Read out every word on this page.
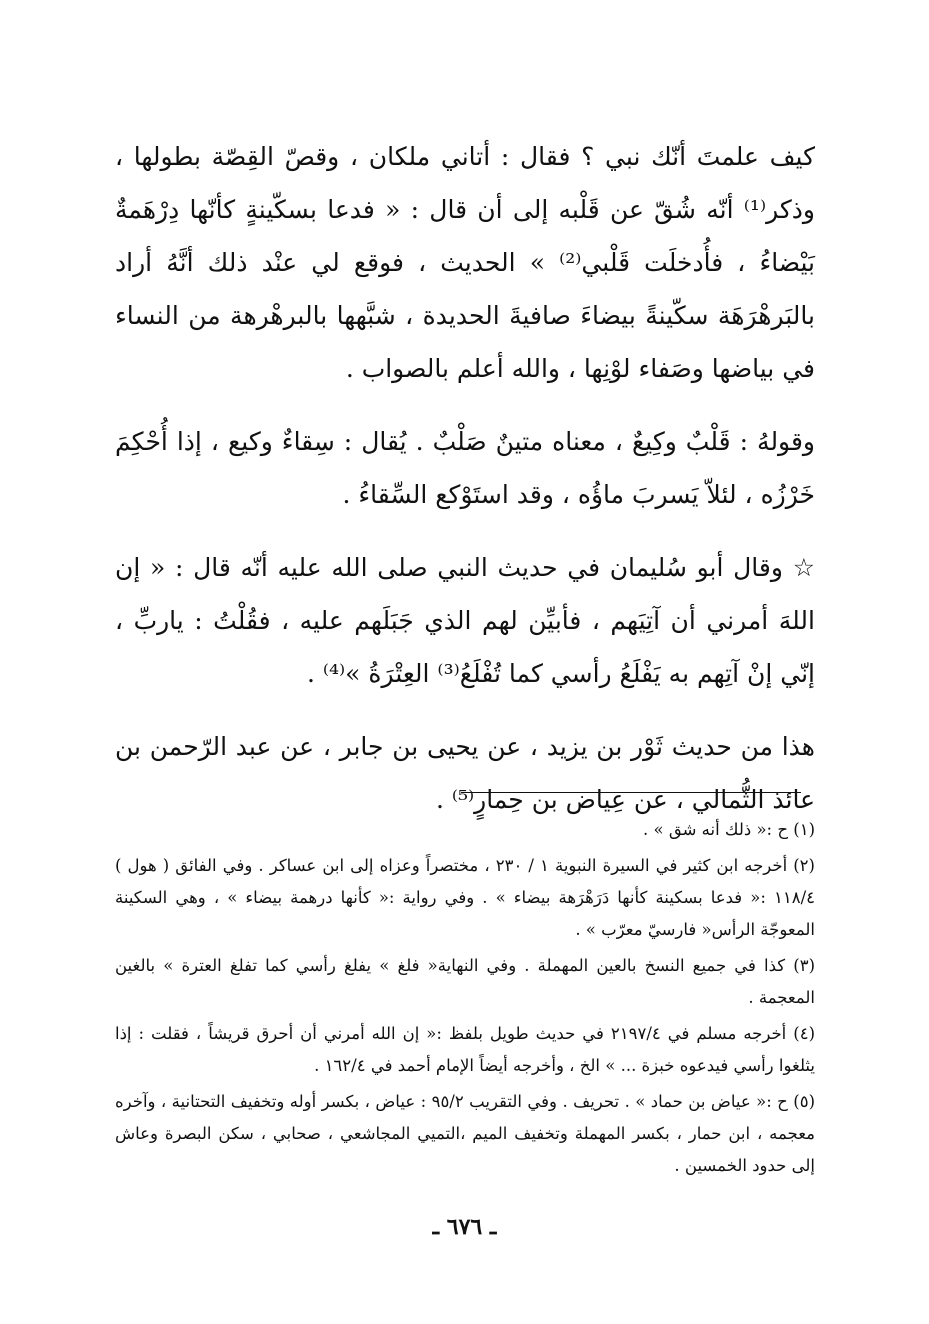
كيف علمتَ أنّك نبي ؟ فقال : أتاني ملكان ، وقصّ القِصّة بطولها ، وذكر⁽¹⁾ أنّه شُقّ عن قَلْبه إلى أن قال : « فدعا بسكّينةٍ كأنّها دِرْهَمةٌ بَيْضاءُ ، فأُدخلَت قَلْبي⁽²⁾ » الحديث ، فوقع لي عنْد ذلك أنَّهُ أراد بالبَرهْرَهَة سكّينةً بيضاءَ صافيةَ الحديدة ، شبَّهها بالبرهْرهة من النساء في بياضها وصَفاء لوْنِها ، والله أعلم بالصواب .

وقولهُ : قَلْبٌ وكِيعٌ ، معناه متينٌ صَلْبٌ . يُقال : سِقاءٌ وكيع ، إذا أُحْكِمَ خَرْزُه ، لئلاّ يَسربَ ماؤُه ، وقد استَوْكع السِّقاءُ .

☆ وقال أبو سُليمان في حديث النبي صلى الله عليه أنّه قال : « إن اللهَ أمرني أن آتِيَهم ، فأبيِّن لهم الذي جَبَلَهم عليه ، فقُلْتُ : ياربِّ ، إنّي إنْ آتِهم به يَفْلَعُ رأسي كما تُفْلَعُ⁽³⁾ العِتْرَةُ »⁽⁴⁾ .

هذا من حديث ثَوْر بن يزيد ، عن يحيى بن جابر ، عن عبد الرّحمن بن عائذ الثُّمالي ، عن عِياض بن حِمارٍ⁽⁵⁾ .

(١) ح :« ذلك أنه شق » .

(٢) أخرجه ابن كثير في السيرة النبوية ١ / ٢٣٠ ، مختصراً وعزاه إلى ابن عساكر . وفي الفائق ( هول ) ١١٨/٤ :« فدعا بسكينة كأنها دَرَهْرَهة بيضاء » . وفي رواية :« كأنها درهمة بيضاء » ، وهي السكينة المعوجّة الرأس« فارسيّ معرّب » .

(٣) كذا في جميع النسخ بالعين المهملة . وفي النهاية« فلغ » يفلغ رأسي كما تفلغ العترة » بالغين المعجمة .

(٤) أخرجه مسلم في ٢١٩٧/٤ في حديث طويل بلفظ :« إن الله أمرني أن أحرق قريشاً ، فقلت : إذا يثلغوا رأسي فيدعوه خبزة ... » الخ ، وأخرجه أيضاً الإمام أحمد في ١٦٢/٤ .

(٥) ح :« عياض بن حماد » . تحريف . وفي التقريب ٩٥/٢ : عياض ، بكسر أوله وتخفيف التحتانية ، وآخره معجمه ، ابن حمار ، بكسر المهملة وتخفيف الميم ،التميي المجاشعي ، صحابي ، سكن البصرة وعاش إلى حدود الخمسين .

ـ ٦٧٦ ـ
